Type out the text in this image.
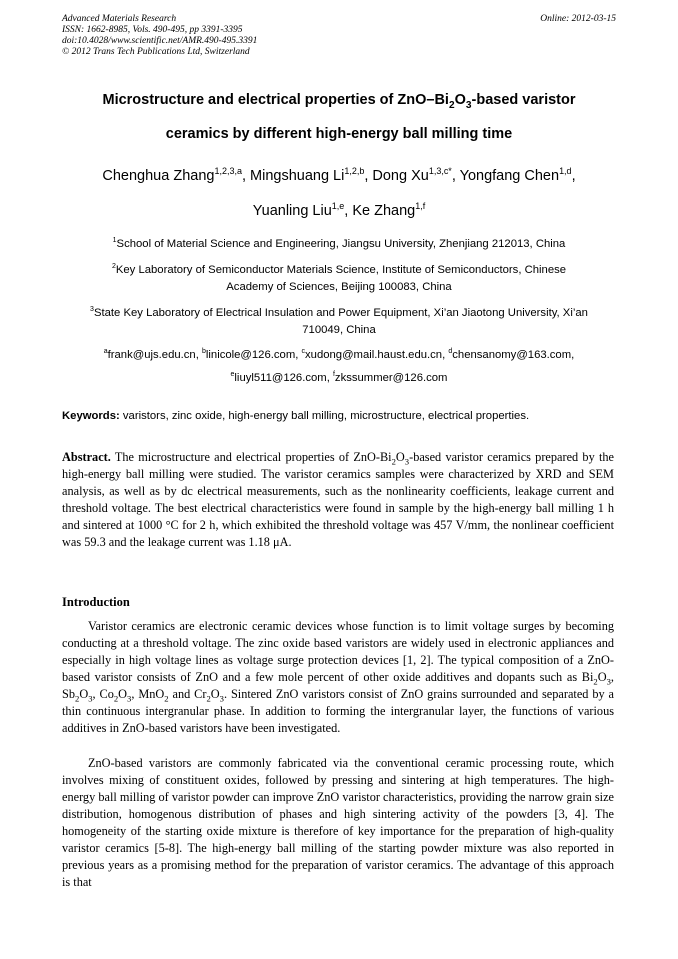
Advanced Materials Research
ISSN: 1662-8985, Vols. 490-495, pp 3391-3395
doi:10.4028/www.scientific.net/AMR.490-495.3391
© 2012 Trans Tech Publications Ltd, Switzerland
Online: 2012-03-15
Microstructure and electrical properties of ZnO–$Bi_2O_3$-based varistor
ceramics by different high-energy ball milling time
Chenghua Zhang$^{1,2,3,a}$, Mingshuang Li$^{1,2,b}$, Dong $Xu^{1,3,c*}$, Yongfang Chen$^{1,d}$,
Yuanling Liu$^{1,e}$, Ke Zhang$^{1,f}$
$^1$School of Material Science and Engineering, Jiangsu University, Zhenjiang 212013, China
$^2$Key Laboratory of Semiconductor Materials Science, Institute of Semiconductors, Chinese
Academy of Sciences, Beijing 100083, China
$^3$State Key Laboratory of Electrical Insulation and Power Equipment, Xi’an Jiaotong University, Xi’an
710049, China
$^a$frank@ujs.edu.cn, $^b$linicole@126.com, $^c$xudong@mail.haust.edu.cn, $^d$chensanomy@163.com,
$^e$liuyl511@126.com, $^f$zkssummer@126.com
Keywords: varistors, zinc oxide, high-energy ball milling, microstructure, electrical properties.
Abstract. The microstructure and electrical properties of ZnO-$Bi_2O_3$-based varistor ceramics prepared by the high-energy ball milling were studied. The varistor ceramics samples were characterized by XRD and SEM analysis, as well as by dc electrical measurements, such as the nonlinearity coefficients, leakage current and threshold voltage. The best electrical characteristics were found in sample by the high-energy ball milling 1 h and sintered at 1000 °C for 2 h, which exhibited the threshold voltage was 457 V/mm, the nonlinear coefficient was 59.3 and the leakage current was 1.18 μA.
Introduction
Varistor ceramics are electronic ceramic devices whose function is to limit voltage surges by becoming conducting at a threshold voltage. The zinc oxide based varistors are widely used in electronic appliances and especially in high voltage lines as voltage surge protection devices [1, 2]. The typical composition of a ZnO-based varistor consists of ZnO and a few mole percent of other oxide additives and dopants such as $Bi_2O_3$, $Sb_2O_3$, $Co_2O_3$, MnO$_2$ and $Cr_2O_3$. Sintered ZnO varistors consist of ZnO grains surrounded and separated by a thin continuous intergranular phase. In addition to forming the intergranular layer, the functions of various additives in ZnO-based varistors have been investigated.
ZnO-based varistors are commonly fabricated via the conventional ceramic processing route, which involves mixing of constituent oxides, followed by pressing and sintering at high temperatures. The high-energy ball milling of varistor powder can improve ZnO varistor characteristics, providing the narrow grain size distribution, homogenous distribution of phases and high sintering activity of the powders [3, 4]. The homogeneity of the starting oxide mixture is therefore of key importance for the preparation of high-quality varistor ceramics [5-8]. The high-energy ball milling of the starting powder mixture was also reported in previous years as a promising method for the preparation of varistor ceramics. The advantage of this approach is that
